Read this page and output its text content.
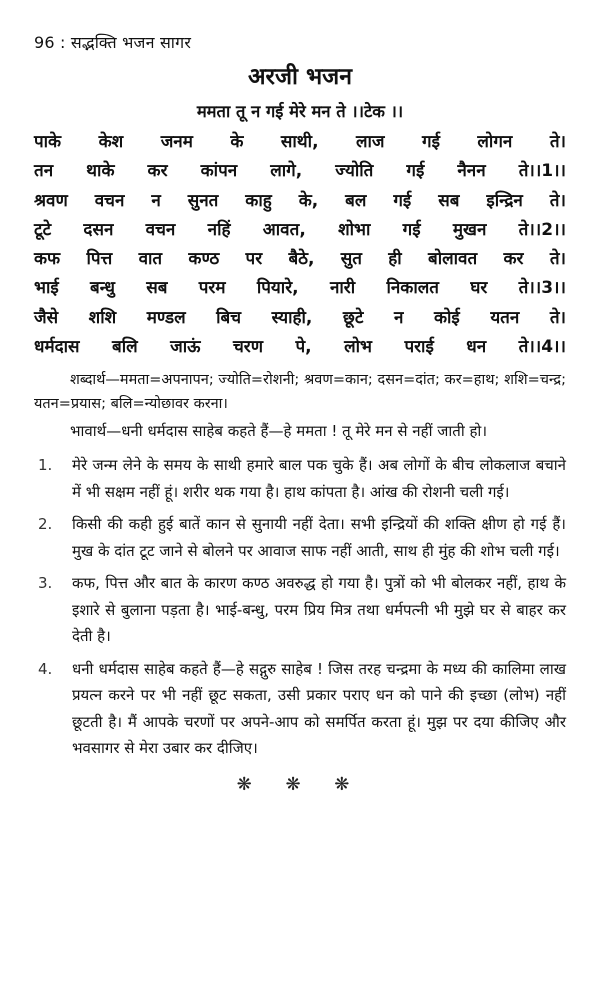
96 : सद्भक्ति भजन सागर
अरजी भजन
ममता तू न गई मेरे मन ते ।।टेक ।।
पाके केश जनम के साथी, लाज गई लोगन ते।
तन थाके कर कांपन लागे, ज्योति गई नैनन ते।।1।।
श्रवण वचन न सुनत काहु के, बल गई सब इन्द्रिन ते।
टूटे दसन वचन नहिं आवत, शोभा गई मुखन ते।।2।।
कफ पित्त वात कण्ठ पर बैठे, सुत ही बोलावत कर ते।
भाई बन्धु सब परम पियारे, नारी निकालत घर ते।।3।।
जैसे शशि मण्डल बिच स्याही, छूटे न कोई यतन ते।
धर्मदास बलि जाऊं चरण पे, लोभ पराई धन ते।।4।।
शब्दार्थ—ममता=अपनापन; ज्योति=रोशनी; श्रवण=कान; दसन=दांत; कर=हाथ; शशि=चन्द्र; यतन=प्रयास; बलि=न्योछावर करना।
भावार्थ—धनी धर्मदास साहेब कहते हैं—हे ममता ! तू मेरे मन से नहीं जाती हो।
1.	मेरे जन्म लेने के समय के साथी हमारे बाल पक चुके हैं। अब लोगों के बीच लोकलाज बचाने में भी सक्षम नहीं हूं। शरीर थक गया है। हाथ कांपता है। आंख की रोशनी चली गई।
2.	किसी की कही हुई बातें कान से सुनायी नहीं देता। सभी इन्द्रियों की शक्ति क्षीण हो गई हैं। मुख के दांत टूट जाने से बोलने पर आवाज साफ नहीं आती, साथ ही मुंह की शोभ चली गई।
3.	कफ, पित्त और बात के कारण कण्ठ अवरुद्ध हो गया है। पुत्रों को भी बोलकर नहीं, हाथ के इशारे से बुलाना पड़ता है। भाई-बन्धु, परम प्रिय मित्र तथा धर्मपत्नी भी मुझे घर से बाहर कर देती है।
4.	धनी धर्मदास साहेब कहते हैं—हे सद्गुरु साहेब ! जिस तरह चन्द्रमा के मध्य की कालिमा लाख प्रयत्न करने पर भी नहीं छूट सकता, उसी प्रकार पराए धन को पाने की इच्छा (लोभ) नहीं छूटती है। मैं आपके चरणों पर अपने-आप को समर्पित करता हूं। मुझ पर दया कीजिए और भवसागर से मेरा उबार कर दीजिए।
❋ ❋ ❋
